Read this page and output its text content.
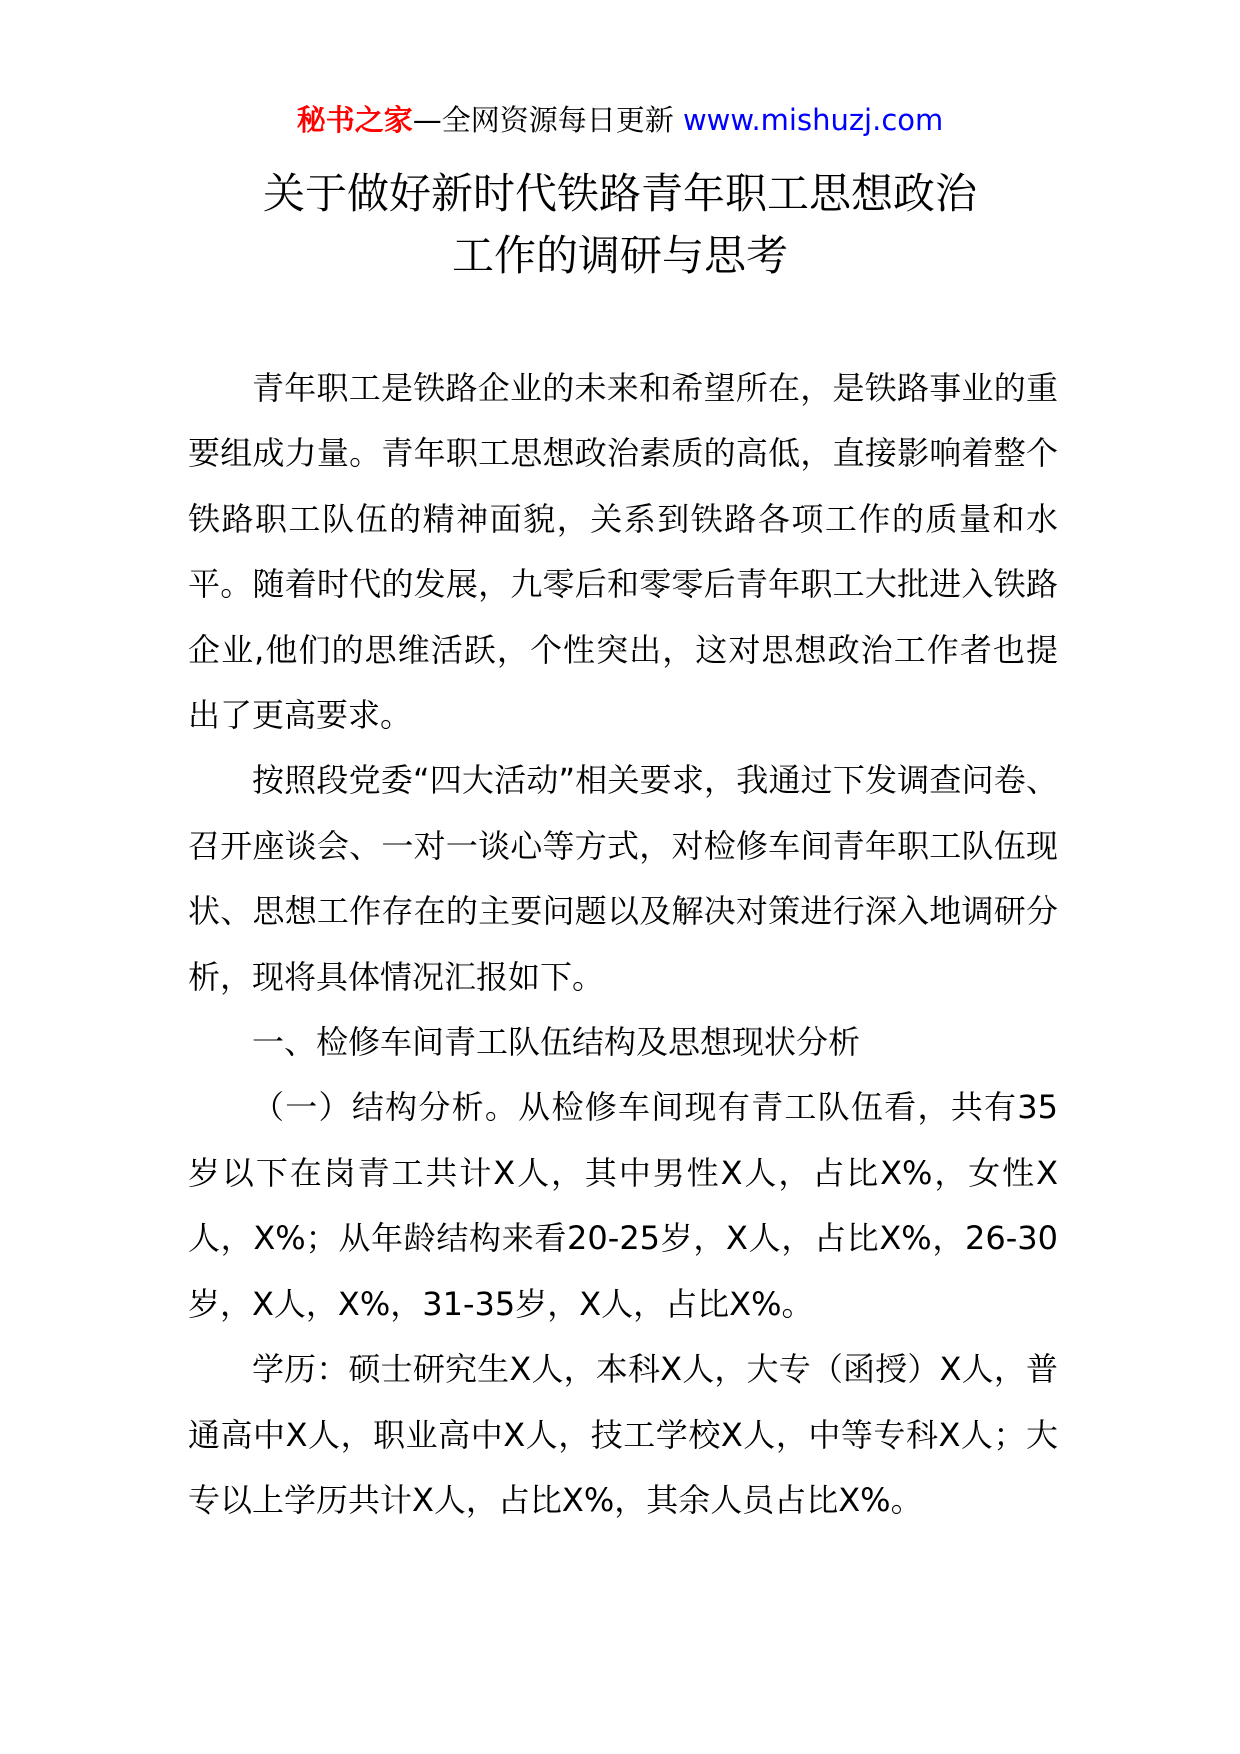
秘书之家—全网资源每日更新 www.mishuzj.com
关于做好新时代铁路青年职工思想政治
工作的调研与思考

青年职工是铁路企业的未来和希望所在，是铁路事业的重要组成力量。青年职工思想政治素质的高低，直接影响着整个铁路职工队伍的精神面貌，关系到铁路各项工作的质量和水平。随着时代的发展，九零后和零零后青年职工大批进入铁路企业,他们的思维活跃，个性突出，这对思想政治工作者也提出了更高要求。

按照段党委“四大活动”相关要求，我通过下发调查问卷、召开座谈会、一对一谈心等方式，对检修车间青年职工队伍现状、思想工作存在的主要问题以及解决对策进行深入地调研分析，现将具体情况汇报如下。

一、检修车间青工队伍结构及思想现状分析

（一）结构分析。从检修车间现有青工队伍看，共有35岁以下在岗青工共计X人，其中男性X人，占比X%，女性X人，X%；从年龄结构来看20-25岁，X人，占比X%，26-30岁，X人，X%，31-35岁，X人，占比X%。

学历：硕士研究生X人，本科X人，大专（函授）X人，普通高中X人，职业高中X人，技工学校X人，中等专科X人；大专以上学历共计X人，占比X%，其余人员占比X%。
